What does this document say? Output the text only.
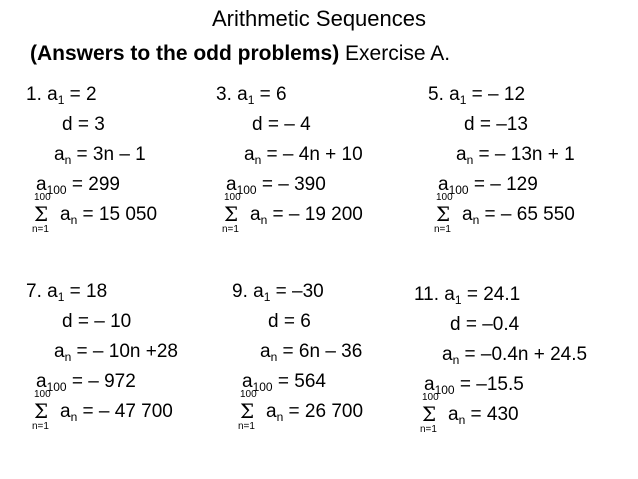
Arithmetic Sequences
(Answers to the odd problems) Exercise A.
1. $a_1 = 2$
d = 3
$a_n = 3n - 1$
$a_{100} = 299$
100
Σ
n=1
$a_n = 15$ 050
3. $a_1 = 6$
d = – 4
$a_n$ = – 4n + 10
$a_{100}$ = – 390
100
Σ
n=1
$a_n$ = – 19 200
5. $a_1$ = – 12
d = –13
$a_n$ = – 13n + 1
$a_{100}$ = – 129
100
Σ
n=1
$a_n$ = – 65 550
7. $a_1 = 18$
d = – 10
$a_n$ = – 10n +28
$a_{100}$ = – 972
100
Σ
n=1
$a_n$ = – 47 700
9. $a_1 = -30$
d = 6
$a_n = 6n - 36$
$a_{100} = 564$
100
Σ
n=1
$a_n = 26$ 700
11. $a_1 = 24.1$
d = –0.4
$a_n = -0.4n + 24.5$
$a_{100} = -15.5$
100
Σ
n=1
$a_n = 430$
